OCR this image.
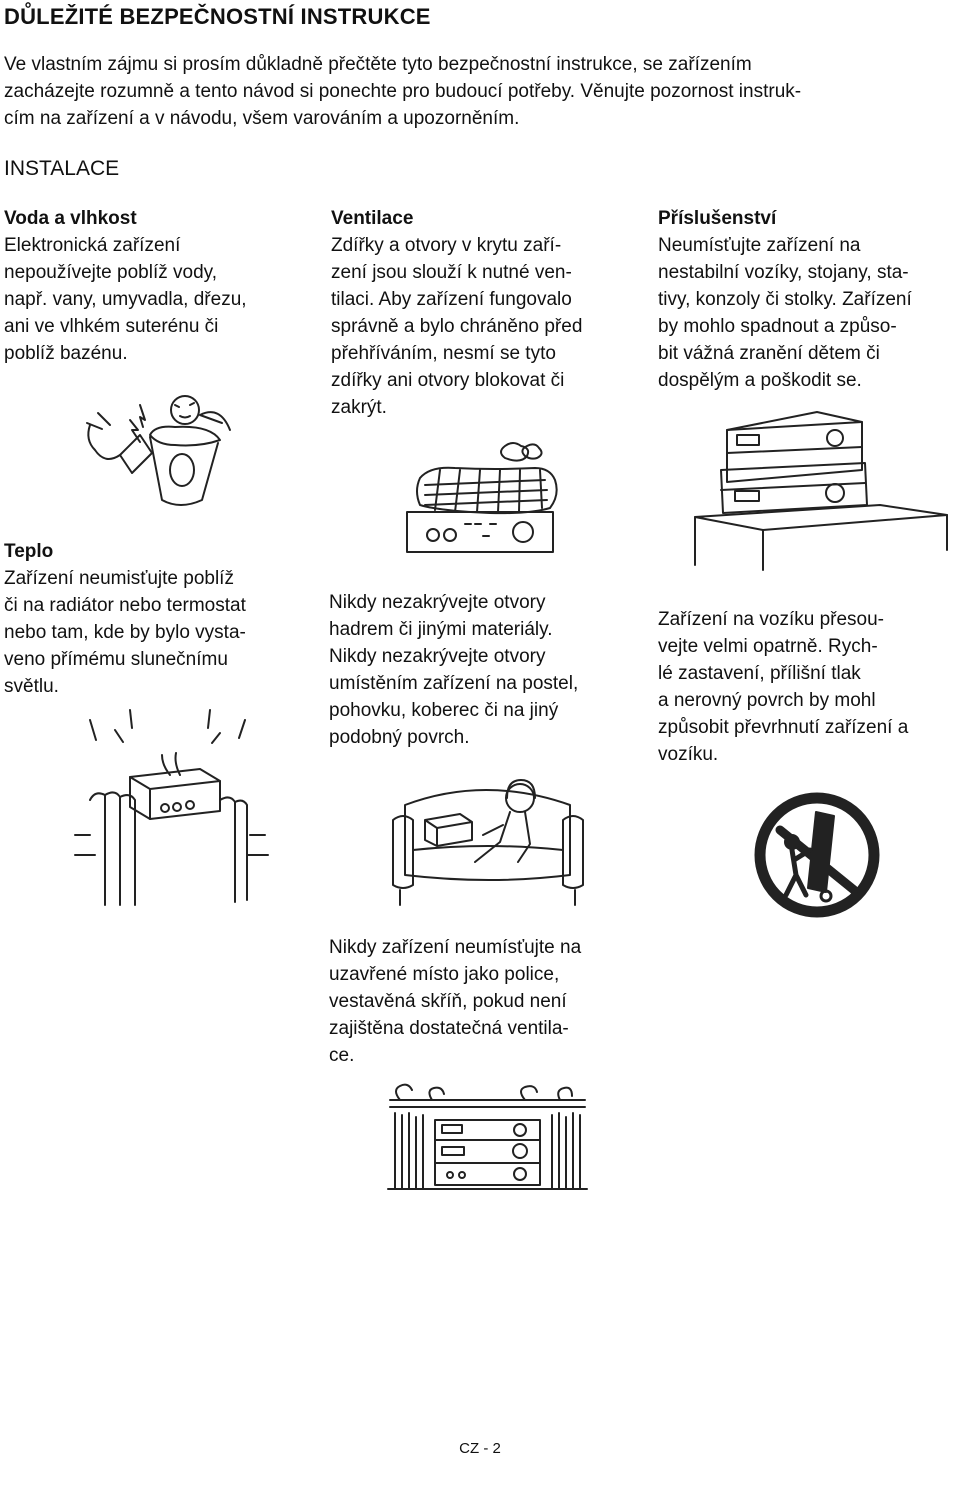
DŮLEŽITÉ BEZPEČNOSTNÍ INSTRUKCE
Ve vlastním zájmu si prosím důkladně přečtěte tyto bezpečnostní instrukce, se zařízením
zacházejte rozumně a tento návod si ponechte pro budoucí potřeby. Věnujte pozornost instruk-
cím na zařízení a v návodu, všem varováním a upozorněním.
INSTALACE
Voda a vlhkost
Elektronická zařízení
nepoužívejte poblíž vody,
např. vany, umyvadla, dřezu,
ani ve vlhkém suterénu či
poblíž bazénu.
Ventilace
Zdířky a otvory v krytu zaří-
zení jsou slouží k nutné ven-
tilaci. Aby zařízení fungovalo
správně a bylo chráněno před
přehříváním, nesmí se tyto
zdířky ani otvory blokovat či
zakrýt.
Příslušenství
Neumísťujte zařízení na
nestabilní vozíky, stojany, sta-
tivy, konzoly či stolky. Zařízení
by mohlo spadnout a způso-
bit vážná zranění dětem či
dospělým a poškodit se.
Teplo
Zařízení neumisťujte poblíž
či na radiátor nebo termostat
nebo tam, kde by bylo vysta-
veno přímému slunečnímu
světlu.
Nikdy nezakrývejte otvory
hadrem či jinými materiály.
Nikdy nezakrývejte otvory
umístěním zařízení na postel,
pohovku, koberec či na jiný
podobný povrch.
Zařízení na vozíku přesou-
vejte velmi opatrně. Rych-
lé zastavení, přílišní tlak
a nerovný povrch by mohl
způsobit převrhnutí zařízení a
vozíku.
Nikdy zařízení neumísťujte na
uzavřené místo jako police,
vestavěná skříň, pokud není
zajištěna dostatečná ventila-
ce.
CZ - 2
